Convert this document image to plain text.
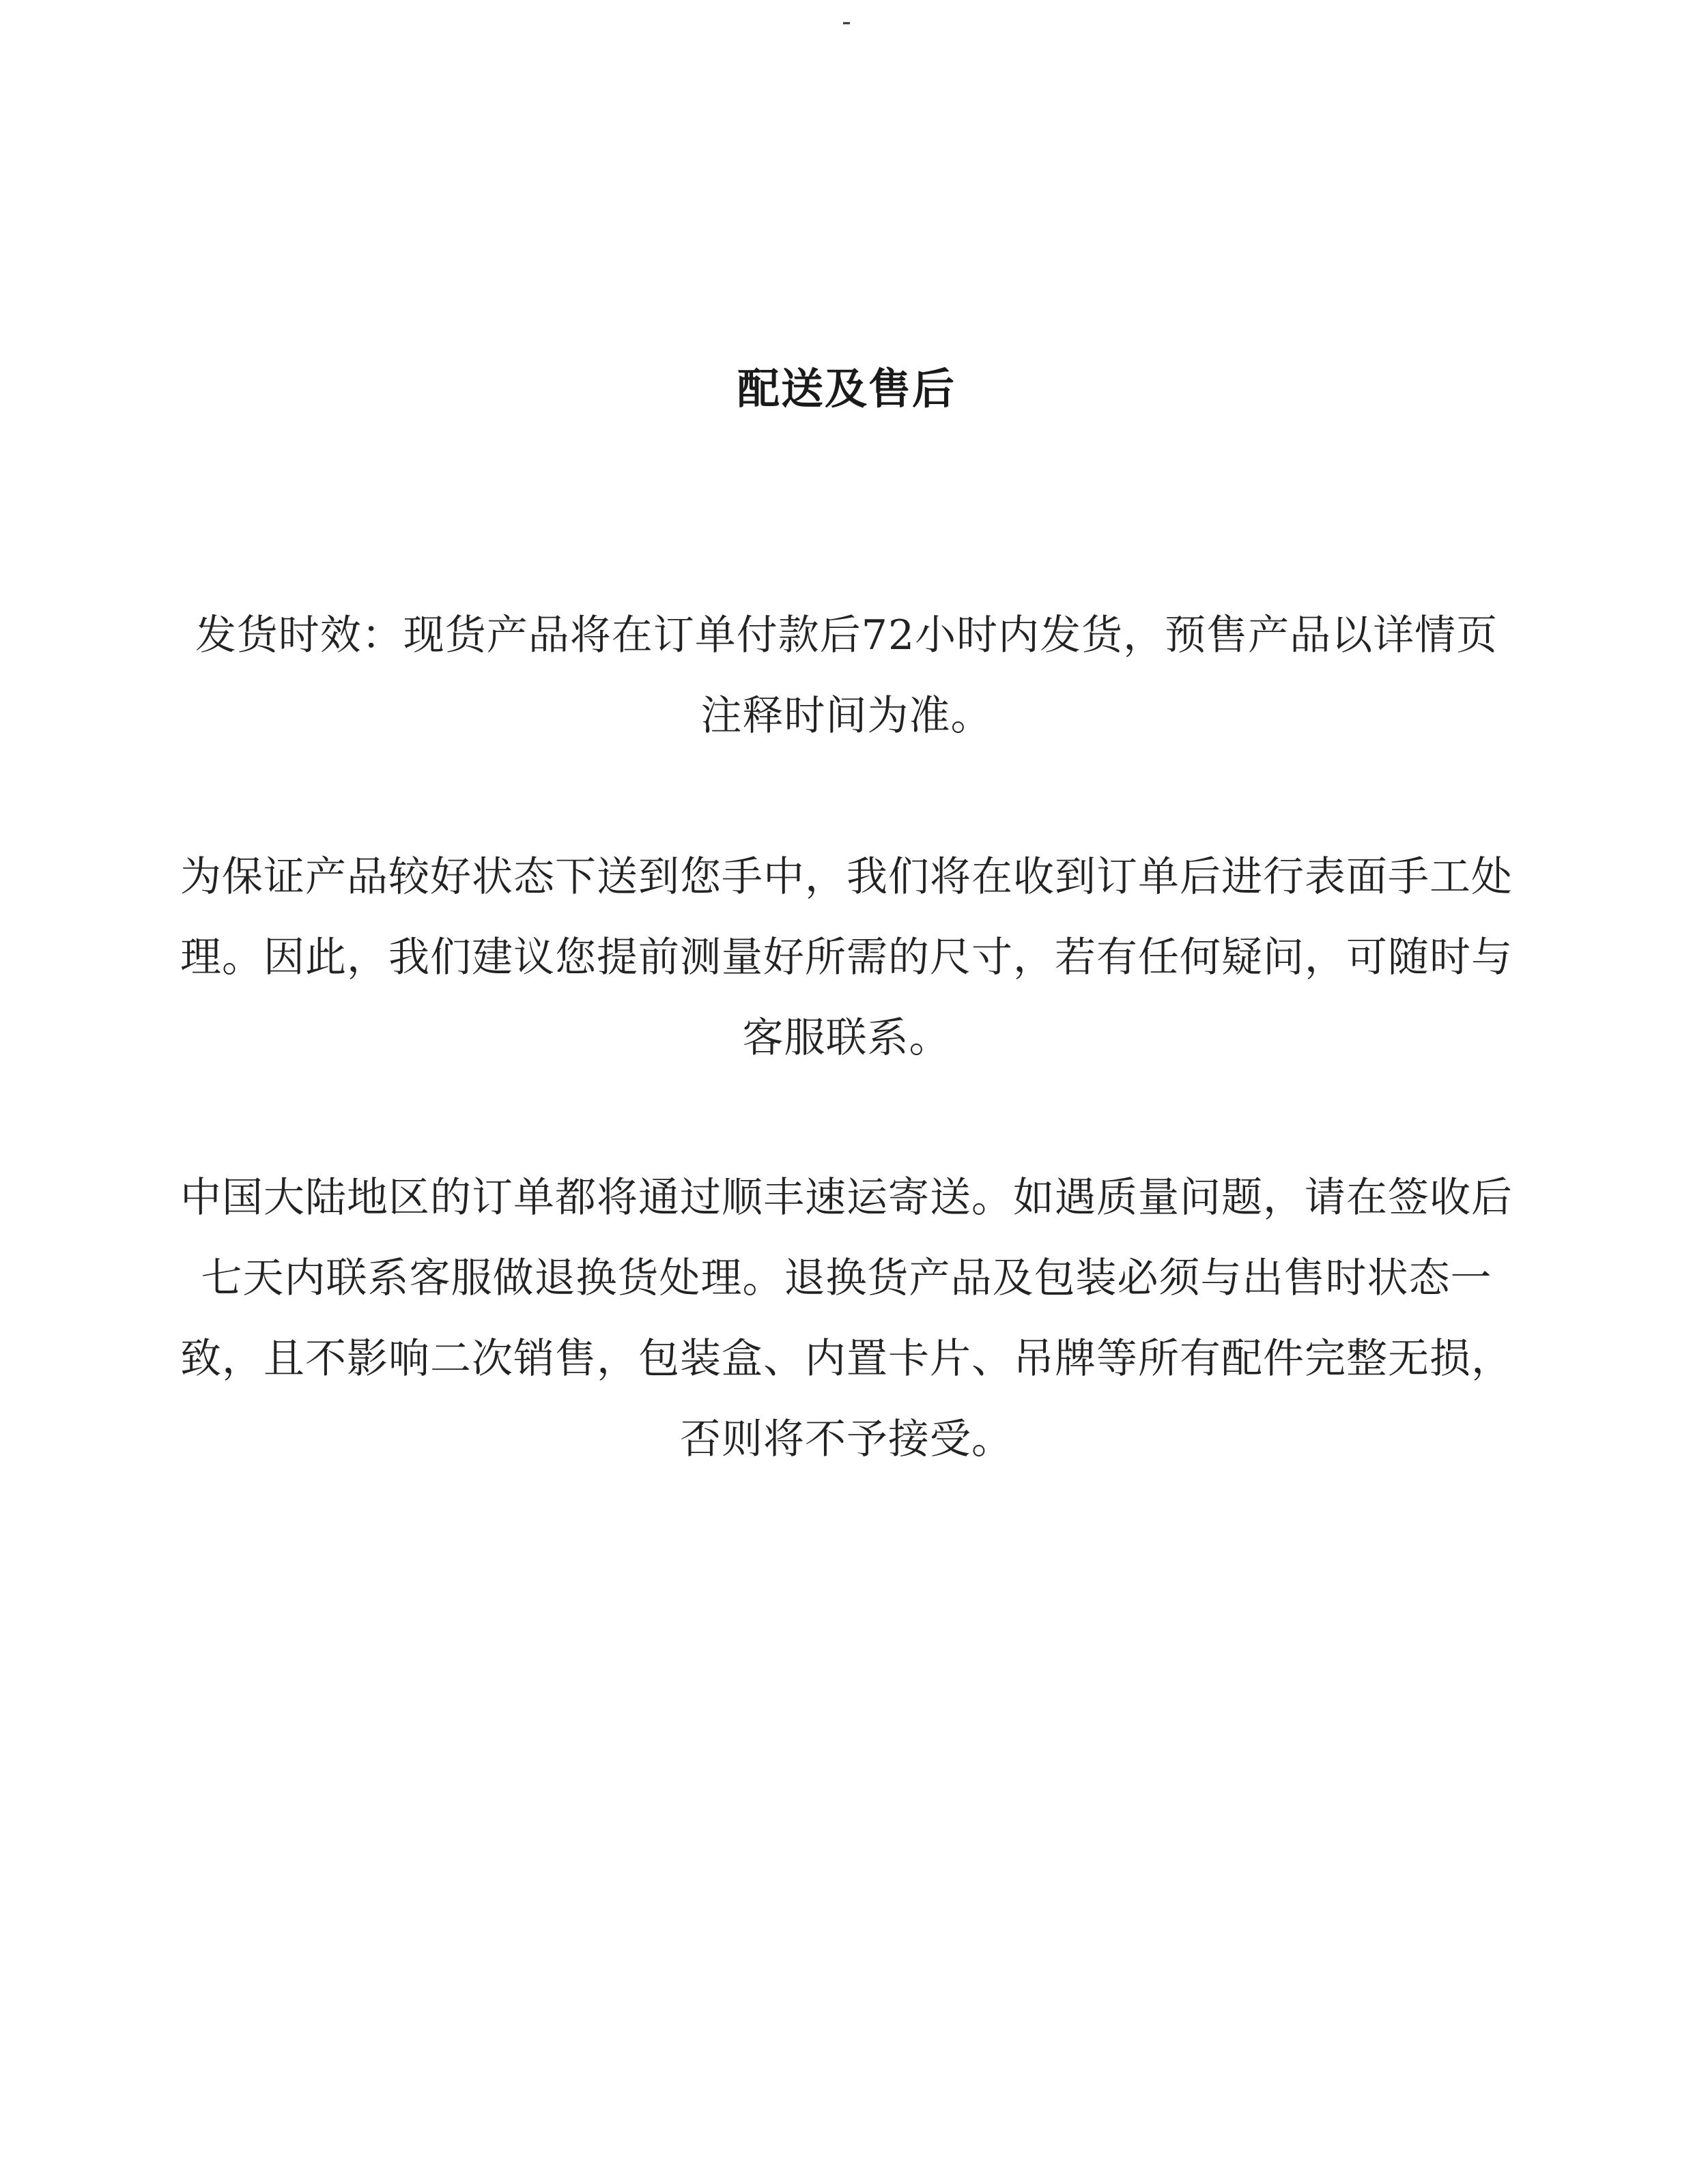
-
配送及售后

发货时效：现货产品将在订单付款后72小时内发货，预售产品以详情页注释时间为准。

为保证产品较好状态下送到您手中，我们将在收到订单后进行表面手工处理。因此，我们建议您提前测量好所需的尺寸，若有任何疑问，可随时与客服联系。

中国大陆地区的订单都将通过顺丰速运寄送。如遇质量问题，请在签收后七天内联系客服做退换货处理。退换货产品及包装必须与出售时状态一致，且不影响二次销售，包装盒、内置卡片、吊牌等所有配件完整无损，否则将不予接受。
